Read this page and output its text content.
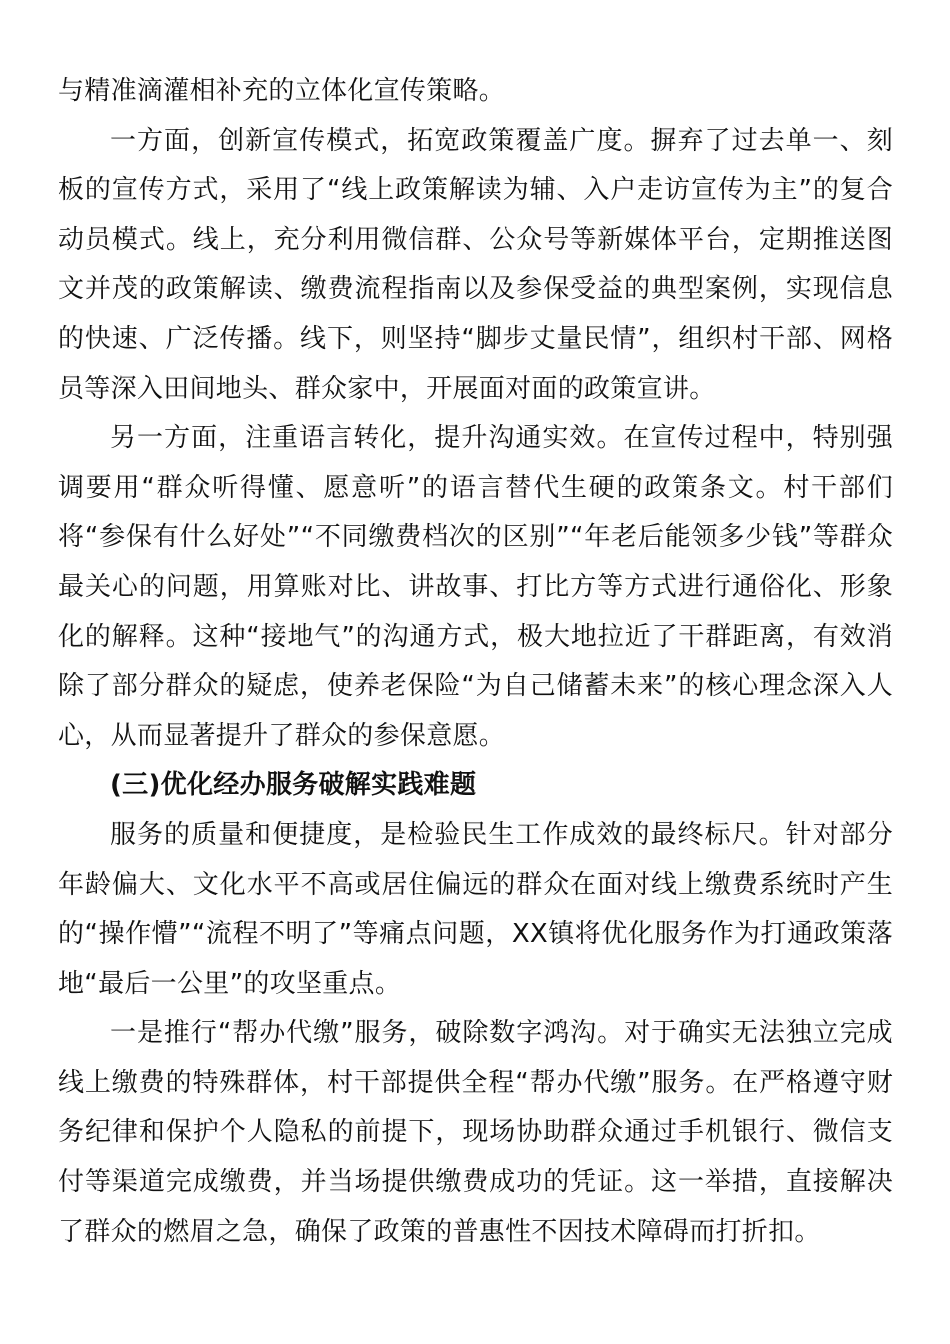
与精准滴灌相补充的立体化宣传策略。

一方面，创新宣传模式，拓宽政策覆盖广度。摒弃了过去单一、刻板的宣传方式，采用了“线上政策解读为辅、入户走访宣传为主”的复合动员模式。线上，充分利用微信群、公众号等新媒体平台，定期推送图文并茂的政策解读、缴费流程指南以及参保受益的典型案例，实现信息的快速、广泛传播。线下，则坚持“脚步丈量民情”，组织村干部、网格员等深入田间地头、群众家中，开展面对面的政策宣讲。

另一方面，注重语言转化，提升沟通实效。在宣传过程中，特别强调要用“群众听得懂、愿意听”的语言替代生硬的政策条文。村干部们将“参保有什么好处”“不同缴费档次的区别”“年老后能领多少钱”等群众最关心的问题，用算账对比、讲故事、打比方等方式进行通俗化、形象化的解释。这种“接地气”的沟通方式，极大地拉近了干群距离，有效消除了部分群众的疑虑，使养老保险“为自己储蓄未来”的核心理念深入人心，从而显著提升了群众的参保意愿。

(三)优化经办服务破解实践难题

服务的质量和便捷度，是检验民生工作成效的最终标尺。针对部分年龄偏大、文化水平不高或居住偏远的群众在面对线上缴费系统时产生的“操作懵”“流程不明了”等痛点问题，XX镇将优化服务作为打通政策落地“最后一公里”的攻坚重点。

一是推行“帮办代缴”服务，破除数字鸿沟。对于确实无法独立完成线上缴费的特殊群体，村干部提供全程“帮办代缴”服务。在严格遵守财务纪律和保护个人隐私的前提下，现场协助群众通过手机银行、微信支付等渠道完成缴费，并当场提供缴费成功的凭证。这一举措，直接解决了群众的燃眉之急，确保了政策的普惠性不因技术障碍而打折扣。
